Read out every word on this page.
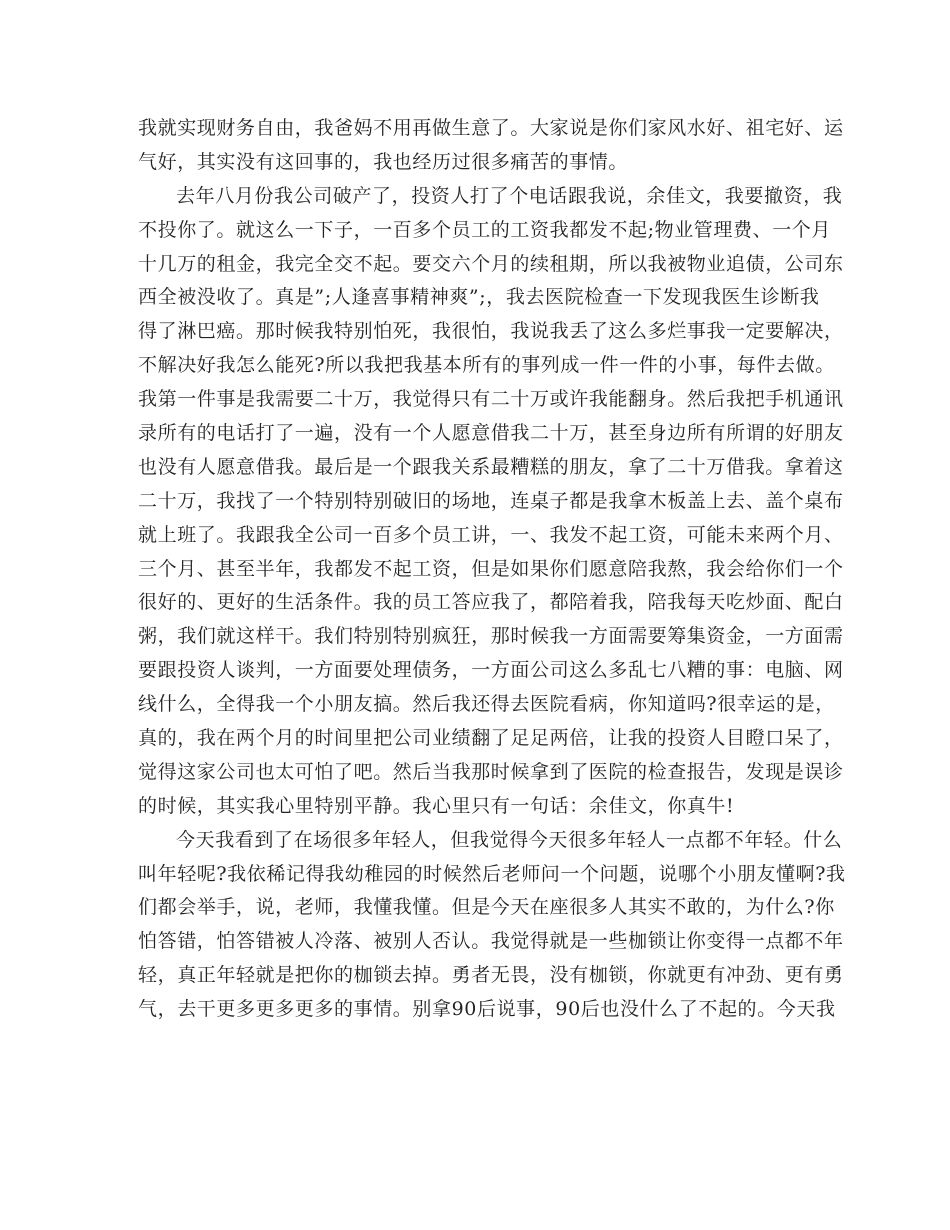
我就实现财务自由，我爸妈不用再做生意了。大家说是你们家风水好、祖宅好、运
气好，其实没有这回事的，我也经历过很多痛苦的事情。
去年八月份我公司破产了，投资人打了个电话跟我说，余佳文，我要撤资，我
不投你了。就这么一下子，一百多个员工的工资我都发不起;物业管理费、一个月
十几万的租金，我完全交不起。要交六个月的续租期，所以我被物业追债，公司东
西全被没收了。真是”;人逢喜事精神爽”;，我去医院检查一下发现我医生诊断我
得了淋巴癌。那时候我特别怕死，我很怕，我说我丢了这么多烂事我一定要解决，
不解决好我怎么能死?所以我把我基本所有的事列成一件一件的小事，每件去做。
我第一件事是我需要二十万，我觉得只有二十万或许我能翻身。然后我把手机通讯
录所有的电话打了一遍，没有一个人愿意借我二十万，甚至身边所有所谓的好朋友
也没有人愿意借我。最后是一个跟我关系最糟糕的朋友，拿了二十万借我。拿着这
二十万，我找了一个特别特别破旧的场地，连桌子都是我拿木板盖上去、盖个桌布
就上班了。我跟我全公司一百多个员工讲，一、我发不起工资，可能未来两个月、
三个月、甚至半年，我都发不起工资，但是如果你们愿意陪我熬，我会给你们一个
很好的、更好的生活条件。我的员工答应我了，都陪着我，陪我每天吃炒面、配白
粥，我们就这样干。我们特别特别疯狂，那时候我一方面需要筹集资金，一方面需
要跟投资人谈判，一方面要处理债务，一方面公司这么多乱七八糟的事：电脑、网
线什么，全得我一个小朋友搞。然后我还得去医院看病，你知道吗?很幸运的是，
真的，我在两个月的时间里把公司业绩翻了足足两倍，让我的投资人目瞪口呆了，
觉得这家公司也太可怕了吧。然后当我那时候拿到了医院的检查报告，发现是误诊
的时候，其实我心里特别平静。我心里只有一句话：余佳文，你真牛!
今天我看到了在场很多年轻人，但我觉得今天很多年轻人一点都不年轻。什么
叫年轻呢?我依稀记得我幼稚园的时候然后老师问一个问题，说哪个小朋友懂啊?我
们都会举手，说，老师，我懂我懂。但是今天在座很多人其实不敢的，为什么?你
怕答错，怕答错被人冷落、被别人否认。我觉得就是一些枷锁让你变得一点都不年
轻，真正年轻就是把你的枷锁去掉。勇者无畏，没有枷锁，你就更有冲劲、更有勇
气，去干更多更多更多的事情。别拿90后说事，90后也没什么了不起的。今天我
